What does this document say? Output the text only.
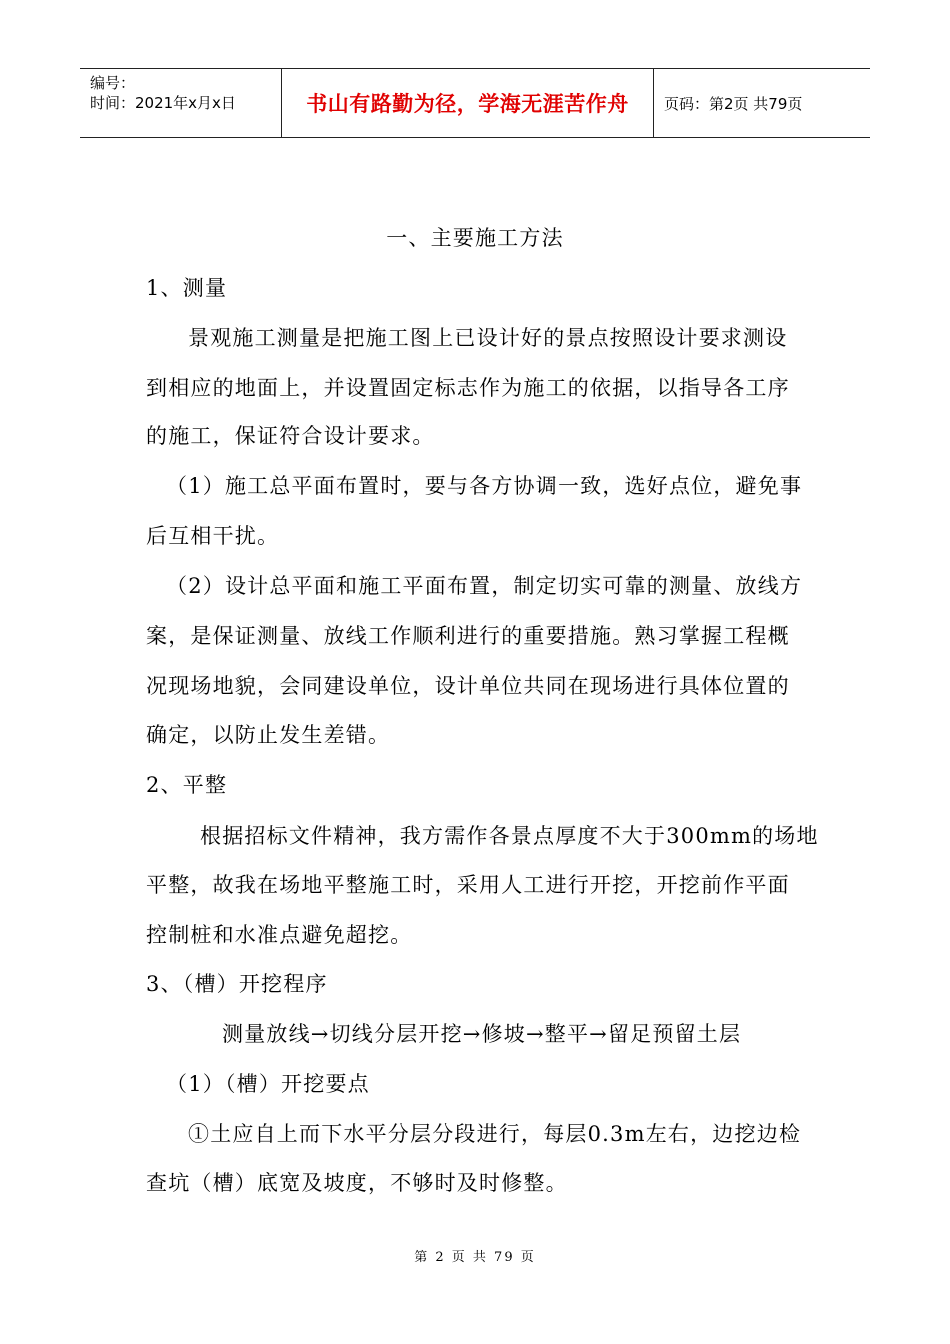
编号：
时间：2021年x月x日	书山有路勤为径，学海无涯苦作舟 页码：第2页 共79页
一、主要施工方法
1、测量
景观施工测量是把施工图上已设计好的景点按照设计要求测设
到相应的地面上，并设置固定标志作为施工的依据，以指导各工序
的施工，保证符合设计要求。
（1）施工总平面布置时，要与各方协调一致，选好点位，避免事
后互相干扰。
（2）设计总平面和施工平面布置，制定切实可靠的测量、放线方
案，是保证测量、放线工作顺利进行的重要措施。熟习掌握工程概
况现场地貌，会同建设单位，设计单位共同在现场进行具体位置的
确定，以防止发生差错。
2、平整
根据招标文件精神，我方需作各景点厚度不大于300mm的场地
平整，故我在场地平整施工时，采用人工进行开挖，开挖前作平面
控制桩和水准点避免超挖。
3、（槽）开挖程序
测量放线→切线分层开挖→修坡→整平→留足预留土层
（1）（槽）开挖要点
①土应自上而下水平分层分段进行，每层0.3m左右，边挖边检
查坑（槽）底宽及坡度，不够时及时修整。
第 2 页 共 79 页
